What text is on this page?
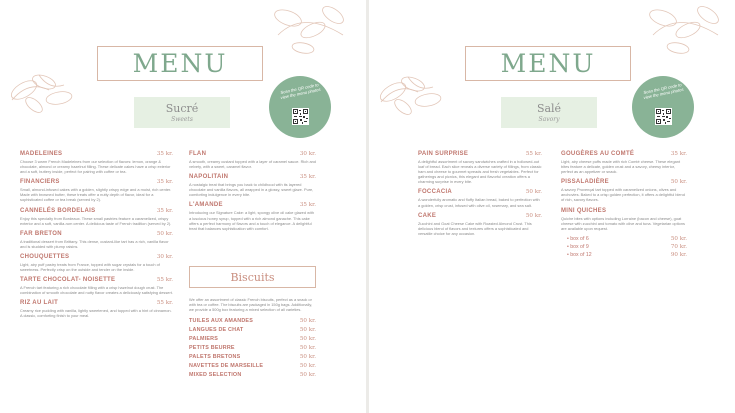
MENU
Sucré
Sweets
Scan the QR code to view the menu photos
MADELEINES	35 kr.
Choose 3 warm French Madeleines from our selection of flavors: lemon, orange & chocolate, almond or creamy hazelnut filling. These delicate cakes have a crisp exterior and a soft, buttery inside, perfect for pairing with coffee or tea.
FINANCIERS	35 kr.
Small, almond-infused cakes with a golden, slightly crispy edge and a moist, rich center. Made with browned butter, these treats offer a nutty depth of flavor, ideal for a sophisticated coffee or tea break (served by 2).
CANNELÉS BORDELAIS	35 kr.
Enjoy this specialty from Bordeaux. These small pastries feature a caramelized, crispy exterior and a soft, vanilla-rum center. A delicious taste of French tradition (served by 2).
FAR BRETON	50 kr.
A traditional dessert from Brittany. This dense, custard-like tart has a rich, vanilla flavor and is studded with plump raisins.
CHOUQUETTES	30 kr.
Light, airy puff pastry treats from France, topped with sugar crystals for a touch of sweetness. Perfectly crisp on the outside and tender on the inside.
TARTE CHOCOLAT- NOISETTE	55 kr.
A French tart featuring a rich chocolate filling with a crisp hazelnut dough crust. The combination of smooth chocolate and nutty flavor creates a deliciously satisfying dessert.
RIZ AU LAIT	55 kr.
Creamy rice pudding with vanilla, lightly sweetened, and topped with a hint of cinnamon. A classic, comforting finish to your meal.
FLAN	30 kr.
A smooth, creamy custard topped with a layer of caramel sauce. Rich and velvety, with a sweet, caramel flavor.
NAPOLITAIN	35 kr.
A nostalgic treat that brings you back to childhood with its layered chocolate and vanilla flavors, all wrapped in a glossy, sweet glaze. Pure, comforting indulgence in every bite.
L'AMANDE	35 kr.
Introducing our Signature Cake: a light, spongy olive oil cake glazed with a luscious honey syrup, topped with a rich almond ganache. This cake offers a perfect harmony of flavors and a touch of elegance. A delightful treat that balances sophistication with comfort.
Biscuits
We offer an assortment of classic French biscuits, perfect as a snack or with tea or coffee. The biscuits are packaged in 150g bags. Additionally, we provide a 500g box featuring a mixed selection of all varieties.
TUILES AUX AMANDES	50 kr.
LANGUES DE CHAT	50 kr.
PALMIERS	50 kr.
PETITS BEURRE	50 kr.
PALETS BRETONS	50 kr.
NAVETTES DE MARSEILLE	50 kr.
MIXED SELECTION	50 kr.
MENU
Salé
Savory
Scan the QR code to view the menu photos
PAIN SURPRISE	55 kr.
A delightful assortment of savory sandwiches crafted in a hollowed-out loaf of bread. Each slice reveals a diverse variety of fillings, from classic ham and cheese to gourmet spreads and fresh vegetables. Perfect for gatherings and picnics, this elegant and flavorful creation offers a charming surprise in every bite.
FOCCACIA	50 kr.
A wonderfully aromatic and fluffy Italian bread, baked to perfection with a golden, crisp crust, infused with olive oil, rosemary, and sea salt.
CAKE	50 kr.
Zucchini and Goat Cheese Cake with Roasted Almond Crust. This delicious blend of flavors and textures offers a sophisticated and versatile choice for any occasion.
GOUGÈRES AU COMTÉ	35 kr.
Light, airy cheese puffs made with rich Comté cheese. These elegant bites feature a delicate, golden crust and a savory, cheesy interior, perfect as an appetizer or snack.
PISSALADIÈRE	50 kr.
A savory Provençal tart topped with caramelized onions, olives and anchovies. Baked to a crisp golden perfection, it offers a delightful blend of rich, savory flavors.
MINI QUICHES
Quiche bites with options including Lorraine (bacon and cheese), goat cheese with zucchini and tomato with olive and tuna. Vegetarian options are available upon request.
• box of 6	50 kr.
• box of 9	70 kr.
• box of 12	90 kr.
